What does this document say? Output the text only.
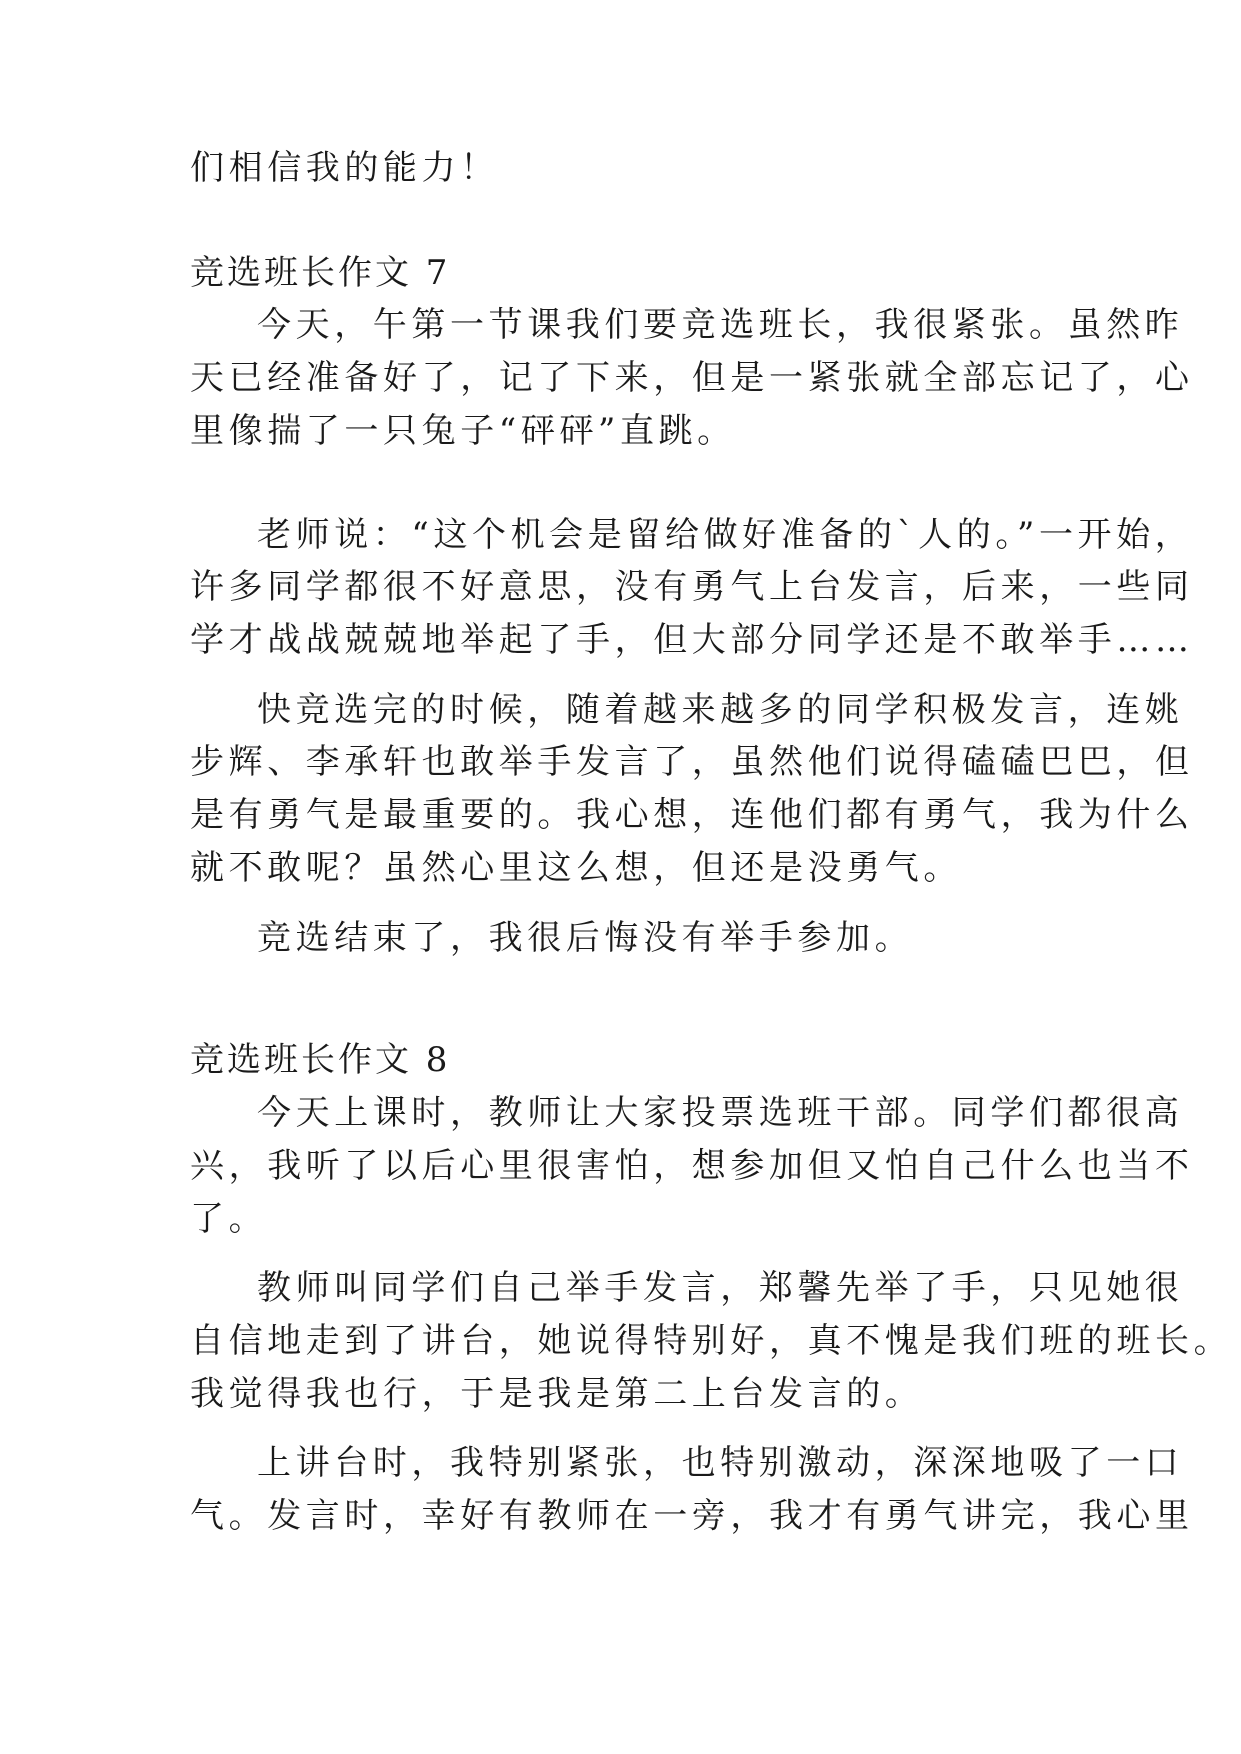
们相信我的能力！
竞选班长作文 7
今天，午第一节课我们要竞选班长，我很紧张。虽然昨
天已经准备好了，记了下来，但是一紧张就全部忘记了，心
里像揣了一只兔子“砰砰”直跳。
老师说：“这个机会是留给做好准备的`人的。”一开始，
许多同学都很不好意思，没有勇气上台发言，后来，一些同
学才战战兢兢地举起了手，但大部分同学还是不敢举手……
快竞选完的时候，随着越来越多的同学积极发言，连姚
步辉、李承轩也敢举手发言了，虽然他们说得磕磕巴巴，但
是有勇气是最重要的。我心想，连他们都有勇气，我为什么
就不敢呢？虽然心里这么想，但还是没勇气。
竞选结束了，我很后悔没有举手参加。
竞选班长作文 8
今天上课时，教师让大家投票选班干部。同学们都很高
兴，我听了以后心里很害怕，想参加但又怕自己什么也当不
了。
教师叫同学们自己举手发言，郑馨先举了手，只见她很
自信地走到了讲台，她说得特别好，真不愧是我们班的班长。
我觉得我也行，于是我是第二上台发言的。
上讲台时，我特别紧张，也特别激动，深深地吸了一口
气。发言时，幸好有教师在一旁，我才有勇气讲完，我心里
